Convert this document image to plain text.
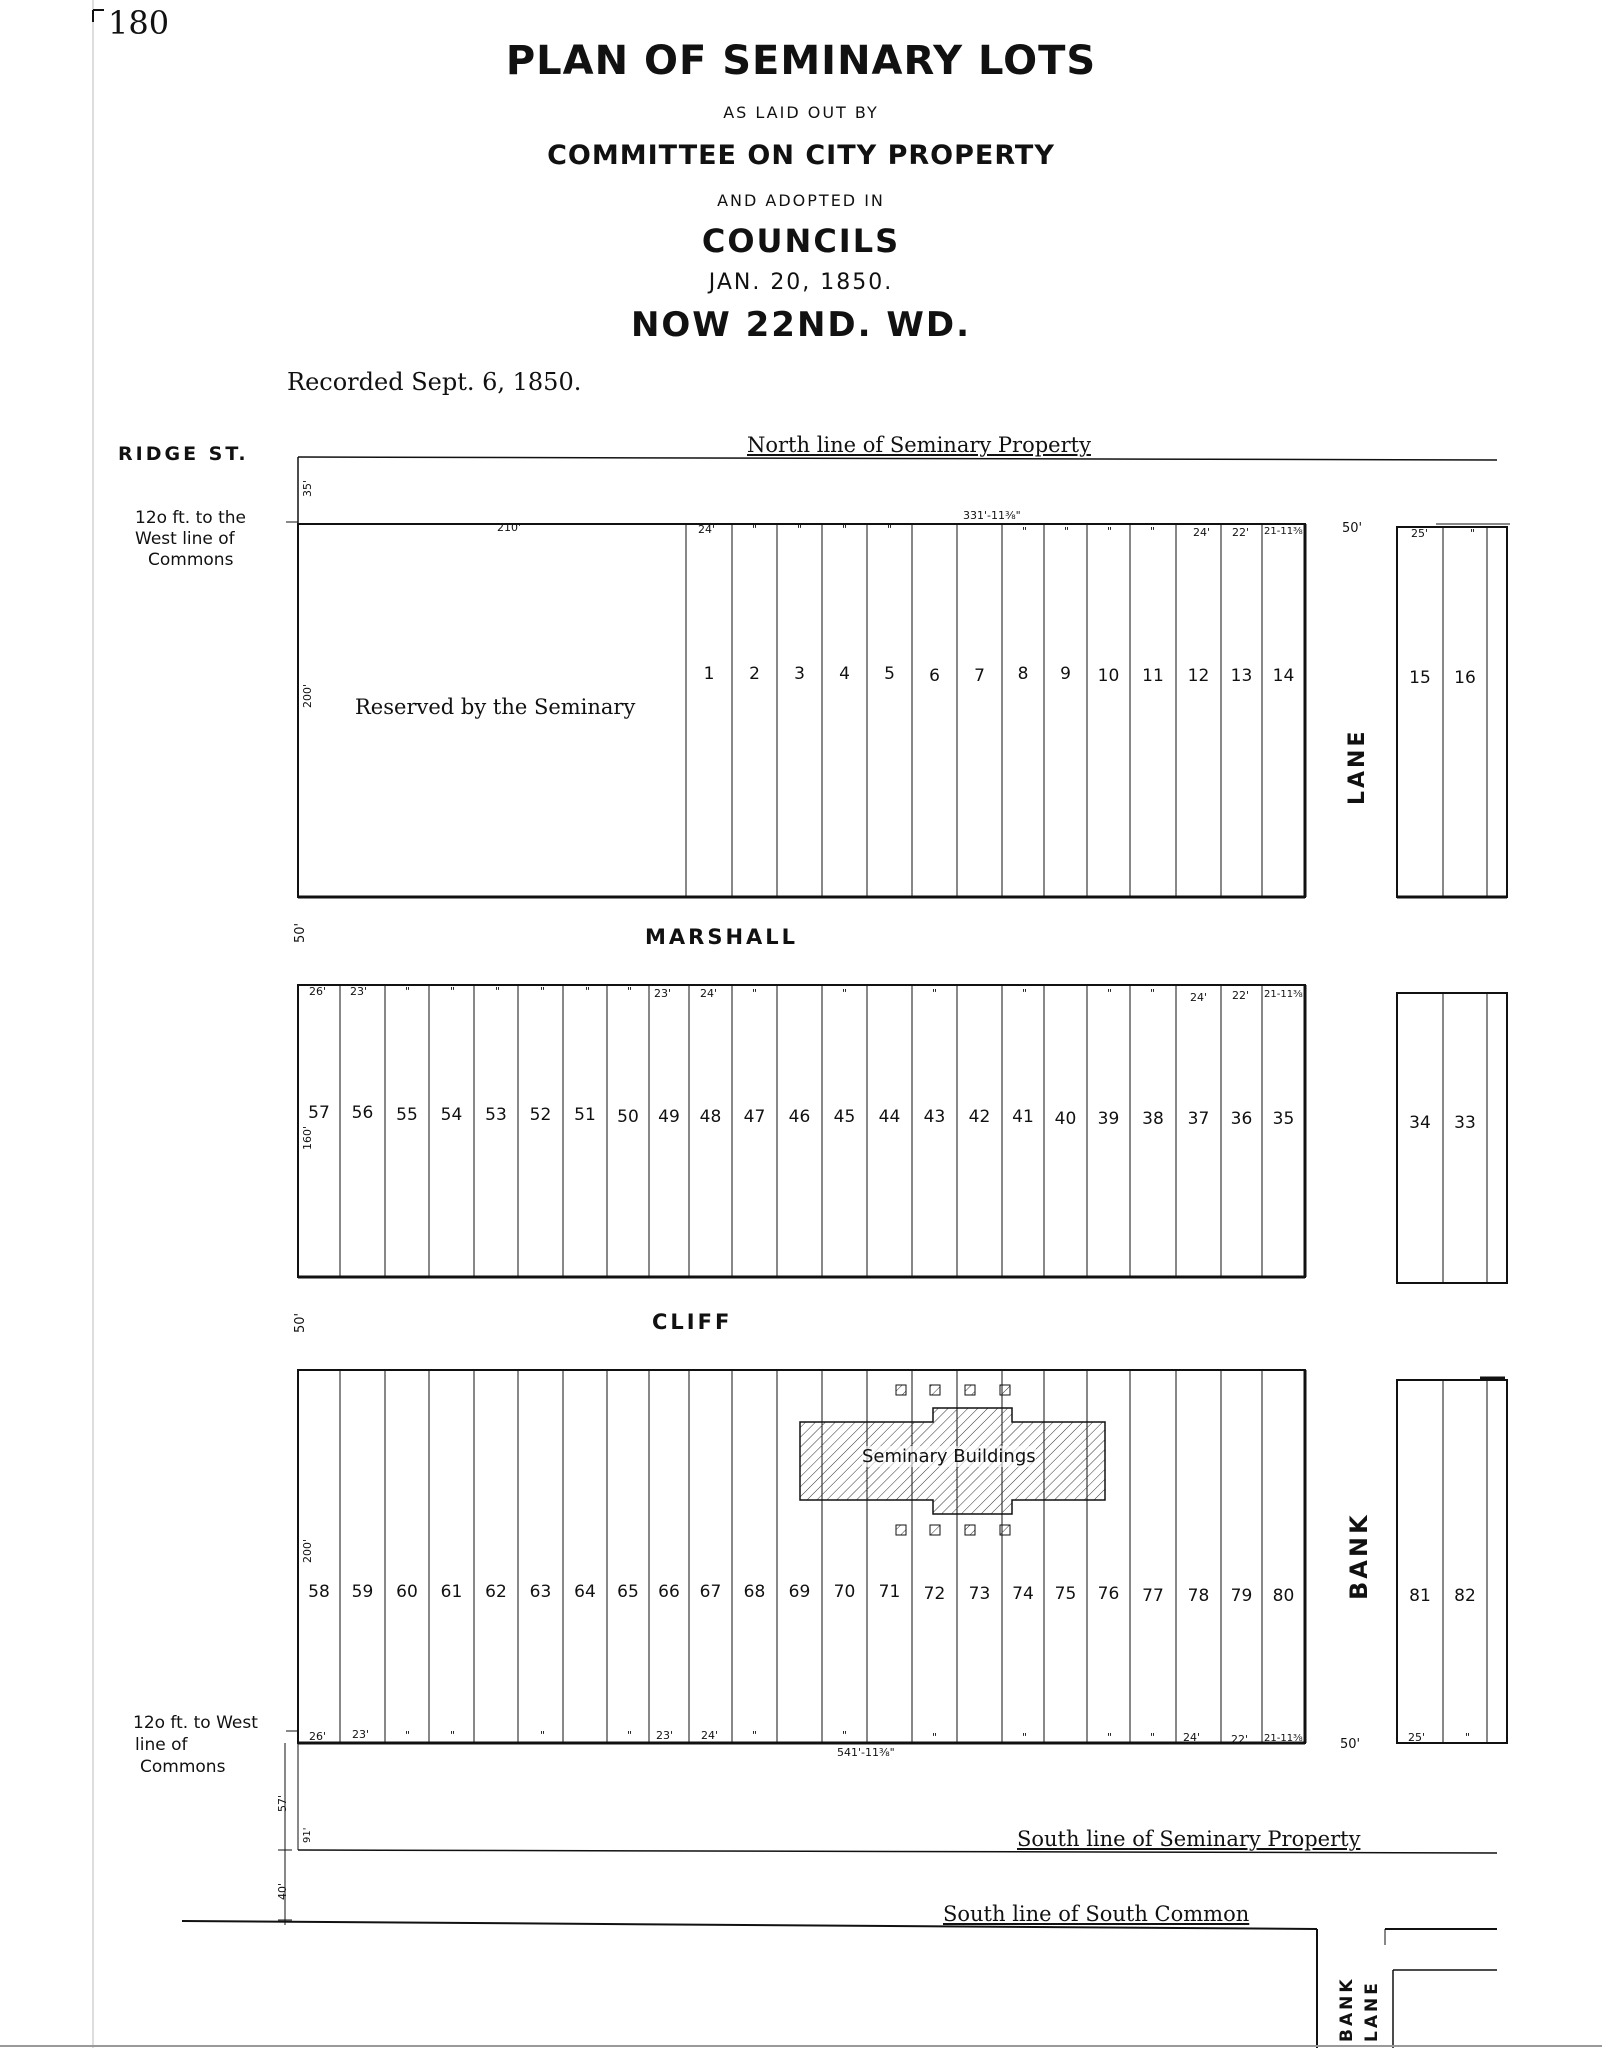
180
PLAN OF SEMINARY LOTS
AS LAID OUT BY
COMMITTEE ON CITY PROPERTY
AND ADOPTED IN
COUNCILS
JAN. 20, 1850.
NOW 22ND. WD.
Recorded Sept. 6, 1850.
RIDGE ST.
MARSHALL
CLIFF
LANE
BANK
BANK LANE
North line of Seminary Property
South line of Seminary Property
South line of South Common
12o ft. to the
West line of
Commons
12o ft. to West
line of
Commons
Reserved by the Seminary
Seminary Buildings
35'
210'	24'
331'-11⅜"
24' 22' 21-11⅜	50'	25'
200'
50'
26' 23'	23'	24'	24' 22' 21-11⅜
160'
50'
200'
26' 23'	23'	24'	24'	22' 21-11⅜
541'-11⅜"
50'	25'
57'
91'
40'
"	"	"	"	"	"	"	"	"
"	"	"	"	"	"	"	"	"	"	"	"
"	"	"	"	"	"	"	"	"	"	"
1	2	3	4	5	6	7	8	9	10	11	12	13	14	15	16
57	56	55	54	53	52	51	50	49	48	47	46	45	44	43	42	41	40	39	38	37	36	35	34	33
58	59	60	61	62	63	64	65	66	67	68	69	70	71	72	73	74	75	76	77	78	79	80	81	82
